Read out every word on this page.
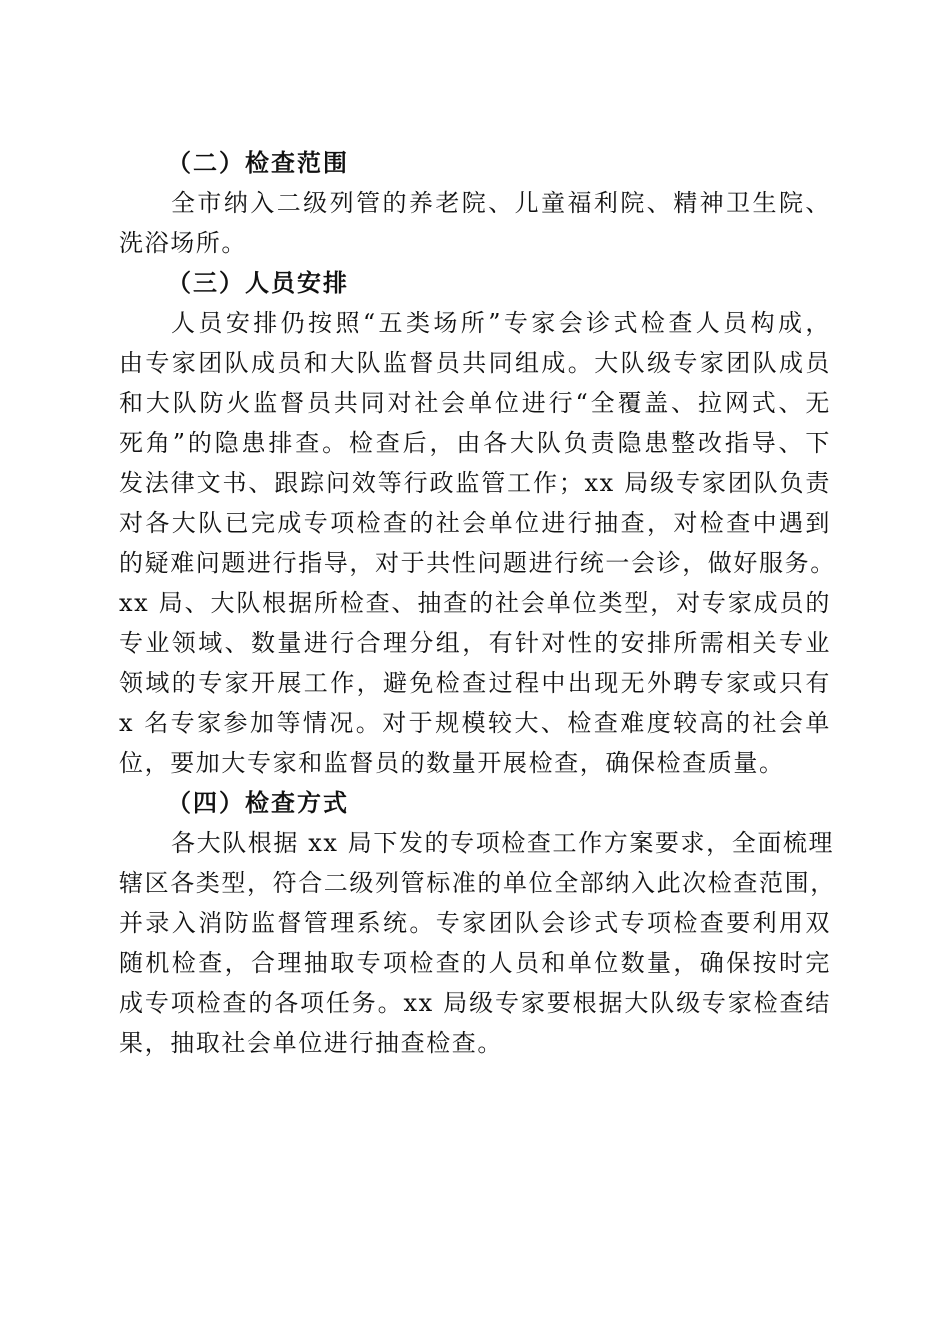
（二）检查范围
全市纳入二级列管的养老院、儿童福利院、精神卫生院、
洗浴场所。
（三）人员安排
人员安排仍按照“五类场所”专家会诊式检查人员构成，
由专家团队成员和大队监督员共同组成。大队级专家团队成员
和大队防火监督员共同对社会单位进行“全覆盖、拉网式、无
死角”的隐患排查。检查后，由各大队负责隐患整改指导、下
发法律文书、跟踪问效等行政监管工作；xx 局级专家团队负责
对各大队已完成专项检查的社会单位进行抽查，对检查中遇到
的疑难问题进行指导，对于共性问题进行统一会诊，做好服务。
xx 局、大队根据所检查、抽查的社会单位类型，对专家成员的
专业领域、数量进行合理分组，有针对性的安排所需相关专业
领域的专家开展工作，避免检查过程中出现无外聘专家或只有
x 名专家参加等情况。对于规模较大、检查难度较高的社会单
位，要加大专家和监督员的数量开展检查，确保检查质量。
（四）检查方式
各大队根据 xx 局下发的专项检查工作方案要求，全面梳理
辖区各类型，符合二级列管标准的单位全部纳入此次检查范围，
并录入消防监督管理系统。专家团队会诊式专项检查要利用双
随机检查，合理抽取专项检查的人员和单位数量，确保按时完
成专项检查的各项任务。xx 局级专家要根据大队级专家检查结
果，抽取社会单位进行抽查检查。
